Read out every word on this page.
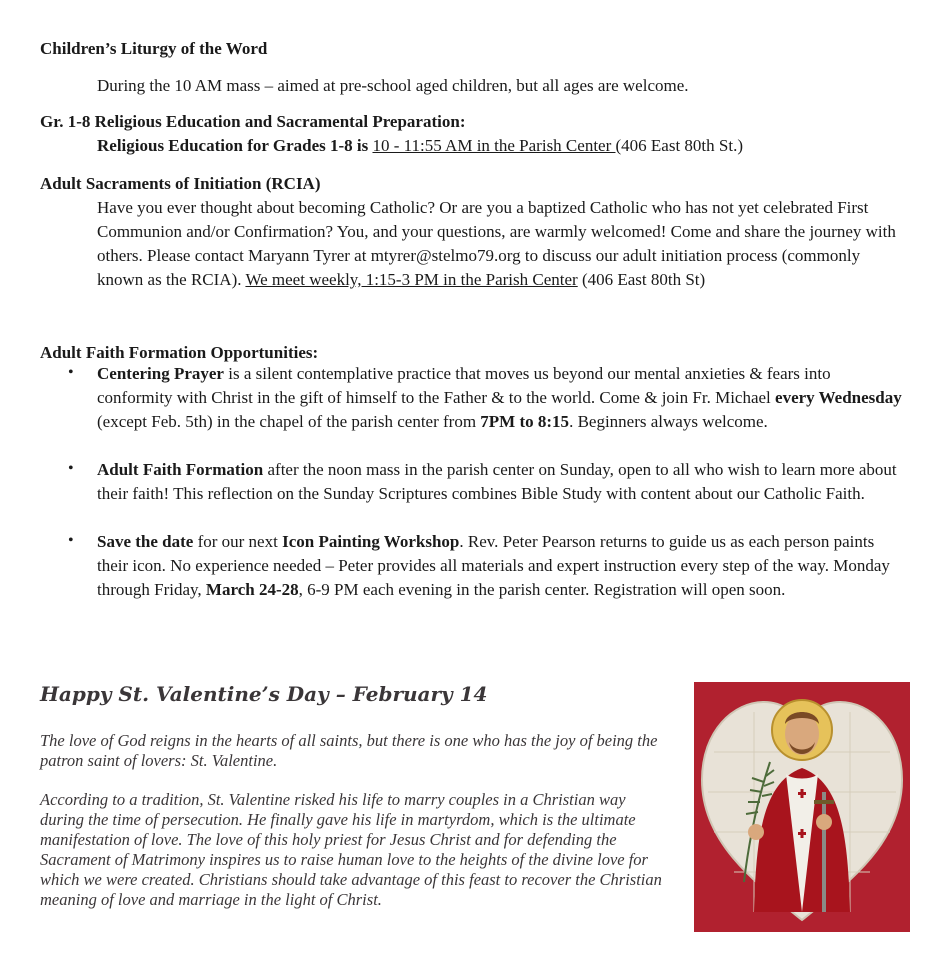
Children’s Liturgy of the Word
During the 10 AM mass – aimed at pre-school aged children, but all ages are welcome.
Gr. 1-8 Religious Education and Sacramental Preparation:
Religious Education for Grades 1-8 is 10 - 11:55 AM in the Parish Center (406 East 80th St.)
Adult Sacraments of Initiation (RCIA)
Have you ever thought about becoming Catholic? Or are you a baptized Catholic who has not yet celebrated First Communion and/or Confirmation? You, and your questions, are warmly welcomed! Come and share the journey with others. Please contact Maryann Tyrer at mtyrer@stelmo79.org to discuss our adult initiation process (commonly known as the RCIA). We meet weekly, 1:15-3 PM in the Parish Center (406 East 80th St)
Adult Faith Formation Opportunities:
• Centering Prayer is a silent contemplative practice that moves us beyond our mental anxieties & fears into conformity with Christ in the gift of himself to the Father & to the world. Come & join Fr. Michael every Wednesday (except Feb. 5th) in the chapel of the parish center from 7PM to 8:15. Beginners always welcome.
• Adult Faith Formation after the noon mass in the parish center on Sunday, open to all who wish to learn more about their faith! This reflection on the Sunday Scriptures combines Bible Study with content about our Catholic Faith.
• Save the date for our next Icon Painting Workshop. Rev. Peter Pearson returns to guide us as each person paints their icon. No experience needed – Peter provides all materials and expert instruction every step of the way. Monday through Friday, March 24-28, 6-9 PM each evening in the parish center. Registration will open soon.
Happy St. Valentine’s Day – February 14
The love of God reigns in the hearts of all saints, but there is one who has the joy of being the patron saint of lovers: St. Valentine.
According to a tradition, St. Valentine risked his life to marry couples in a Christian way during the time of persecution. He finally gave his life in martyrdom, which is the ultimate manifestation of love. The love of this holy priest for Jesus Christ and for defending the Sacrament of Matrimony inspires us to raise human love to the heights of the divine love for which we were created. Christians should take advantage of this feast to recover the Christian meaning of love and marriage in the light of Christ.
